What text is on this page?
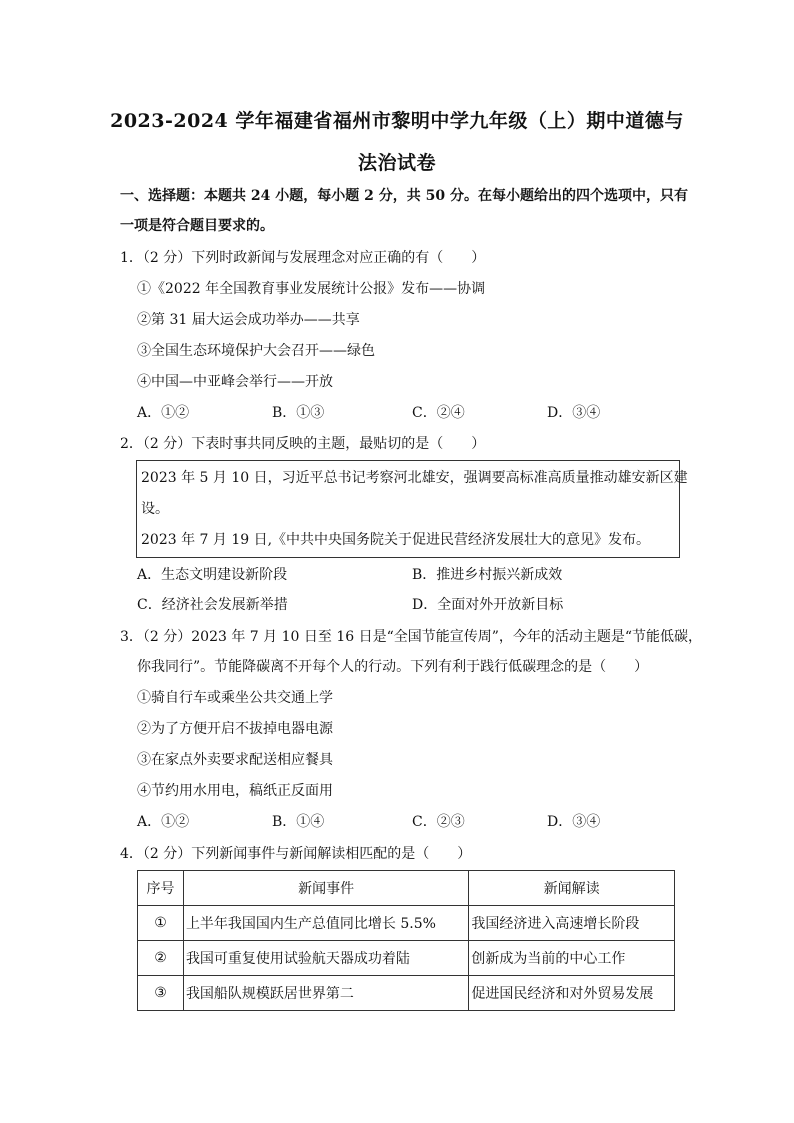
2023-2024 学年福建省福州市黎明中学九年级（上）期中道德与
法治试卷
一、选择题：本题共 24 小题，每小题 2 分，共 50 分。在每小题给出的四个选项中，只有
一项是符合题目要求的。
1．（2 分）下列时政新闻与发展理念对应正确的有（　　）
①《2022 年全国教育事业发展统计公报》发布——协调
②第 31 届大运会成功举办——共享
③全国生态环境保护大会召开——绿色
④中国—中亚峰会举行——开放
A．①②	B．①③	C．②④	D．③④
2．（2 分）下表时事共同反映的主题，最贴切的是（　　）
2023 年 5 月 10 日，习近平总书记考察河北雄安，强调要高标准高质量推动雄安新区建
设。
2023 年 7 月 19 日,《中共中央国务院关于促进民营经济发展壮大的意见》发布。
A．生态文明建设新阶段	B．推进乡村振兴新成效
C．经济社会发展新举措	D．全面对外开放新目标
3．（2 分）2023 年 7 月 10 日至 16 日是“全国节能宣传周”，今年的活动主题是“节能低碳，
你我同行”。节能降碳离不开每个人的行动。下列有利于践行低碳理念的是（　　）
①骑自行车或乘坐公共交通上学
②为了方便开启不拔掉电器电源
③在家点外卖要求配送相应餐具
④节约用水用电，稿纸正反面用
A．①②	B．①④	C．②③	D．③④
4．（2 分）下列新闻事件与新闻解读相匹配的是（　　）
序号	新闻事件	新闻解读
①	上半年我国国内生产总值同比增长 5.5%	我国经济进入高速增长阶段
②	我国可重复使用试验航天器成功着陆	创新成为当前的中心工作
③	我国船队规模跃居世界第二	促进国民经济和对外贸易发展
